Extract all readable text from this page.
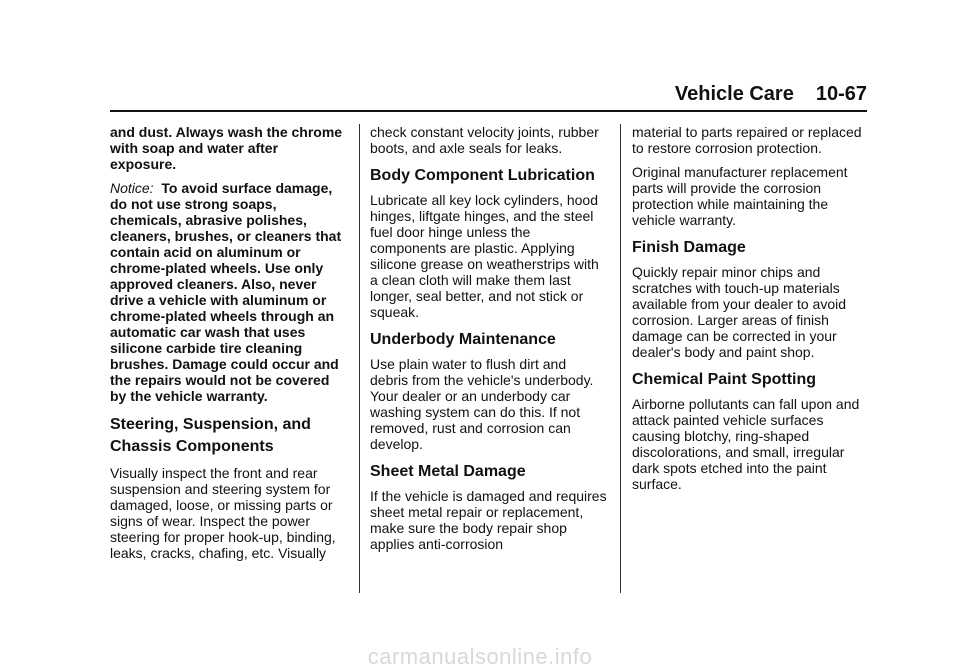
Vehicle Care 10-67

and dust. Always wash the chrome with soap and water after exposure.

Notice: To avoid surface damage, do not use strong soaps, chemicals, abrasive polishes, cleaners, brushes, or cleaners that contain acid on aluminum or chrome-plated wheels. Use only approved cleaners. Also, never drive a vehicle with aluminum or chrome-plated wheels through an automatic car wash that uses silicone carbide tire cleaning brushes. Damage could occur and the repairs would not be covered by the vehicle warranty.

Steering, Suspension, and Chassis Components

Visually inspect the front and rear suspension and steering system for damaged, loose, or missing parts or signs of wear. Inspect the power steering for proper hook-up, binding, leaks, cracks, chafing, etc. Visually

check constant velocity joints, rubber boots, and axle seals for leaks.

Body Component Lubrication

Lubricate all key lock cylinders, hood hinges, liftgate hinges, and the steel fuel door hinge unless the components are plastic. Applying silicone grease on weatherstrips with a clean cloth will make them last longer, seal better, and not stick or squeak.

Underbody Maintenance

Use plain water to flush dirt and debris from the vehicle's underbody. Your dealer or an underbody car washing system can do this. If not removed, rust and corrosion can develop.

Sheet Metal Damage

If the vehicle is damaged and requires sheet metal repair or replacement, make sure the body repair shop applies anti-corrosion

material to parts repaired or replaced to restore corrosion protection.

Original manufacturer replacement parts will provide the corrosion protection while maintaining the vehicle warranty.

Finish Damage

Quickly repair minor chips and scratches with touch-up materials available from your dealer to avoid corrosion. Larger areas of finish damage can be corrected in your dealer's body and paint shop.

Chemical Paint Spotting

Airborne pollutants can fall upon and attack painted vehicle surfaces causing blotchy, ring-shaped discolorations, and small, irregular dark spots etched into the paint surface.

carmanualsonline.info
